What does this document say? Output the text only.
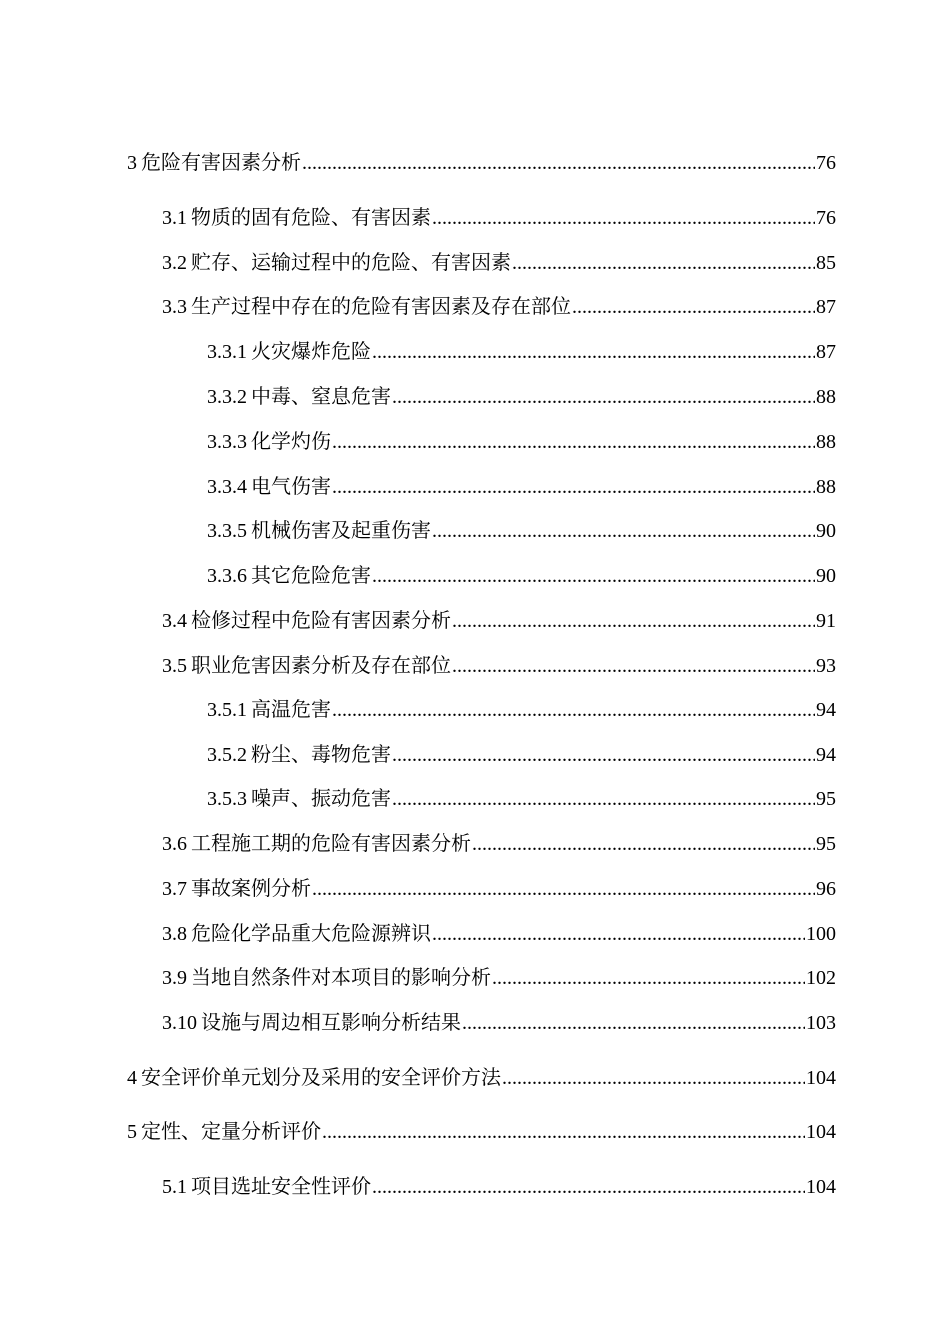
3 危险有害因素分析 .....	76
3.1 物质的固有危险、有害因素 .....	76
3.2 贮存、运输过程中的危险、有害因素 .....	85
3.3 生产过程中存在的危险有害因素及存在部位 .....	87
3.3.1 火灾爆炸危险 .....	87
3.3.2 中毒、窒息危害 .....	88
3.3.3 化学灼伤 .....	88
3.3.4 电气伤害 .....	88
3.3.5 机械伤害及起重伤害 .....	90
3.3.6 其它危险危害 .....	90
3.4 检修过程中危险有害因素分析 .....	91
3.5 职业危害因素分析及存在部位 .....	93
3.5.1 高温危害 .....	94
3.5.2 粉尘、毒物危害 .....	94
3.5.3 噪声、振动危害 .....	95
3.6 工程施工期的危险有害因素分析 .....	95
3.7 事故案例分析 .....	96
3.8 危险化学品重大危险源辨识 .....	100
3.9 当地自然条件对本项目的影响分析 .....	102
3.10 设施与周边相互影响分析结果 .....	103
4 安全评价单元划分及采用的安全评价方法 .....	104
5 定性、定量分析评价 .....	104
5.1 项目选址安全性评价 .....	104
